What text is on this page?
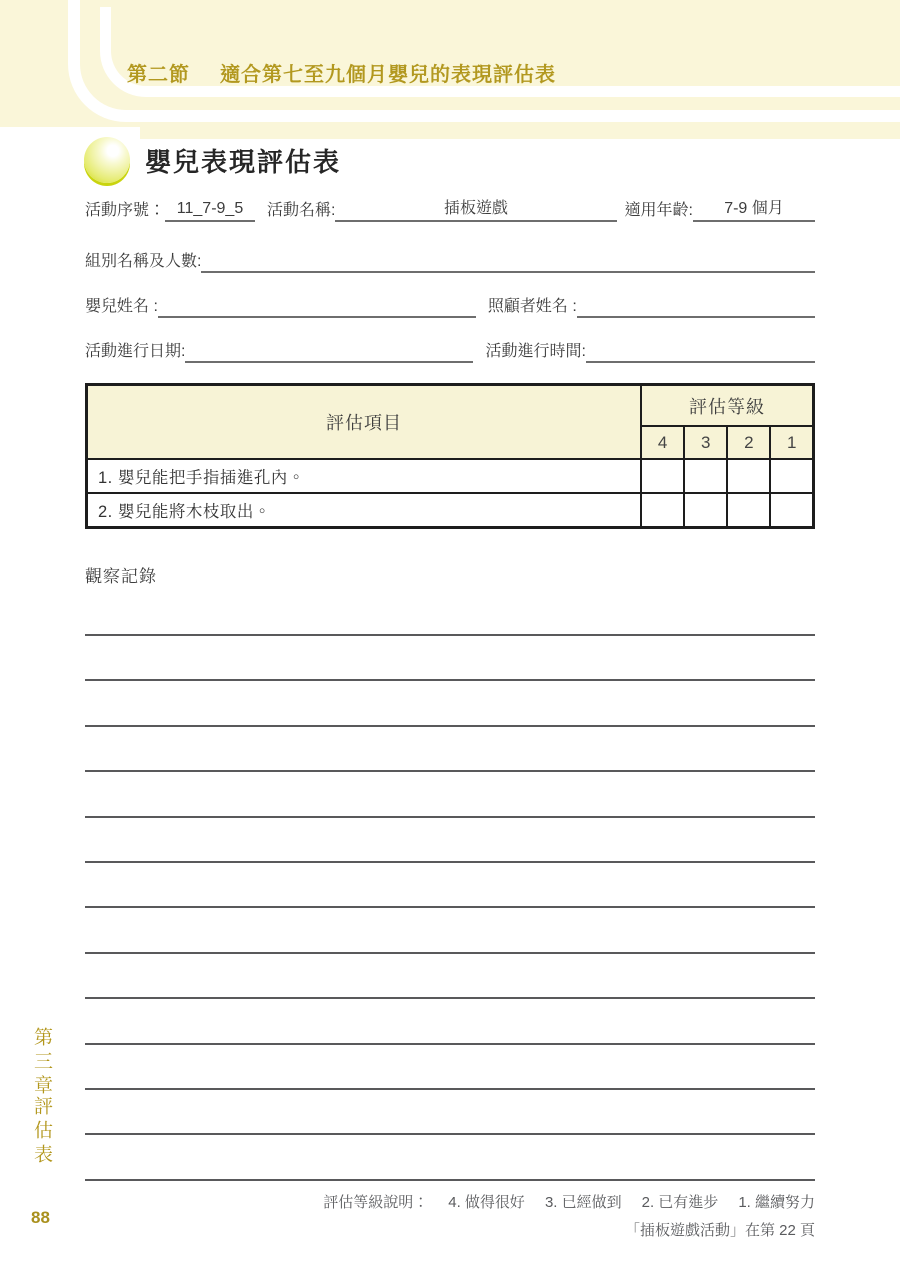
第二節 適合第七至九個月嬰兒的表現評估表
嬰兒表現評估表
活動序號： 11_7-9_5	活動名稱:	插板遊戲	適用年齡:	7-9 個月
組別名稱及人數:
嬰兒姓名 :	照顧者姓名 :
活動進行日期:	活動進行時間:
評估項目	評估等級			
	4	3	2	1
1. 嬰兒能把手指插進孔內。				
2. 嬰兒能將木枝取出。				
觀察記錄
評估等級說明： 4. 做得很好 3. 已經做到 2. 已有進步 1. 繼續努力
「插板遊戲活動」在第 22 頁
第三章
評估表
88
